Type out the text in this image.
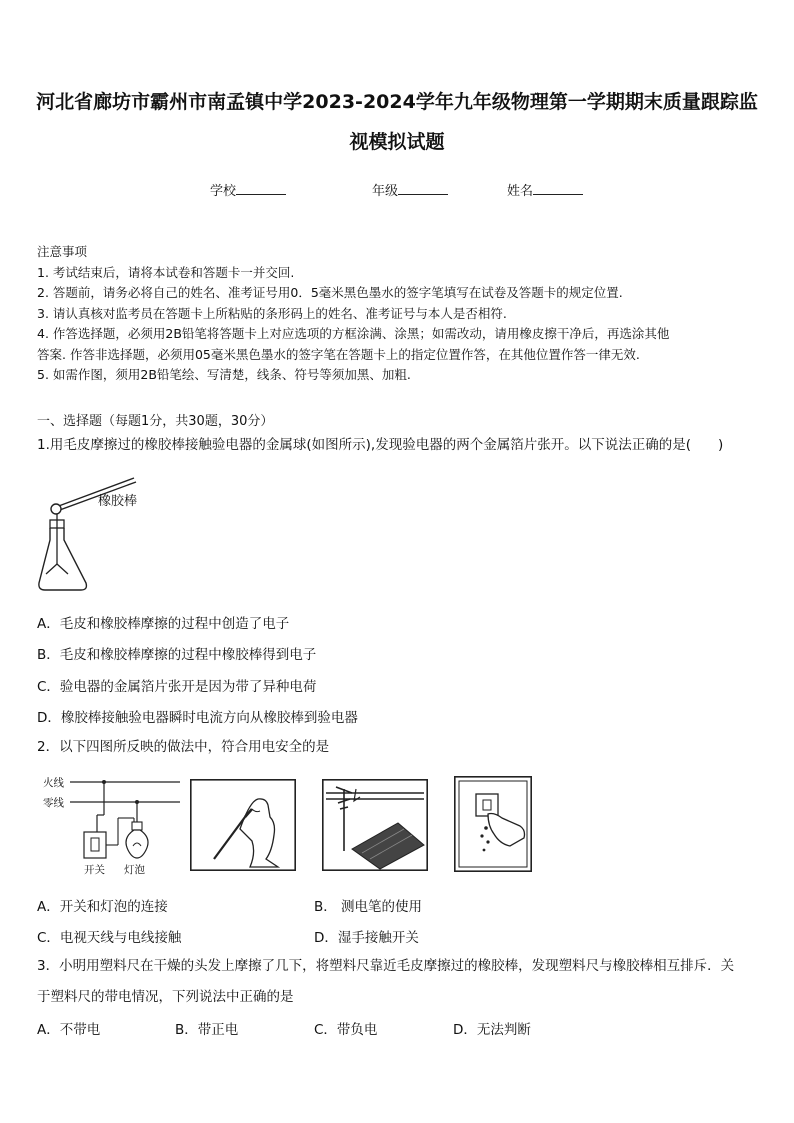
河北省廊坊市霸州市南孟镇中学2023-2024学年九年级物理第一学期期末质量跟踪监
视模拟试题
学校	年级	姓名
注意事项
1. 考试结束后，请将本试卷和答题卡一并交回.
2. 答题前，请务必将自己的姓名、准考证号用0．5毫米黑色墨水的签字笔填写在试卷及答题卡的规定位置.
3. 请认真核对监考员在答题卡上所粘贴的条形码上的姓名、准考证号与本人是否相符.
4. 作答选择题，必须用2B铅笔将答题卡上对应选项的方框涂满、涂黑；如需改动，请用橡皮擦干净后，再选涂其他
答案. 作答非选择题，必须用05毫米黑色墨水的签字笔在答题卡上的指定位置作答，在其他位置作答一律无效.
5. 如需作图，须用2B铅笔绘、写清楚，线条、符号等须加黑、加粗.
一、选择题（每题1分，共30题，30分）
1.用毛皮摩擦过的橡胶棒接触验电器的金属球(如图所示),发现验电器的两个金属箔片张开。以下说法正确的是(　　)
橡胶棒
A．毛皮和橡胶棒摩擦的过程中创造了电子
B．毛皮和橡胶棒摩擦的过程中橡胶棒得到电子
C．验电器的金属箔片张开是因为带了异种电荷
D．橡胶棒接触验电器瞬时电流方向从橡胶棒到验电器
2．以下四图所反映的做法中，符合用电安全的是
火线
零线
开关 灯泡
A．开关和灯泡的连接	B． 测电笔的使用
C．电视天线与电线接触	D．湿手接触开关
3．小明用塑料尺在干燥的头发上摩擦了几下，将塑料尺靠近毛皮摩擦过的橡胶棒，发现塑料尺与橡胶棒相互排斥．关
于塑料尺的带电情况，下列说法中正确的是
A．不带电	B．带正电	C．带负电	D．无法判断
